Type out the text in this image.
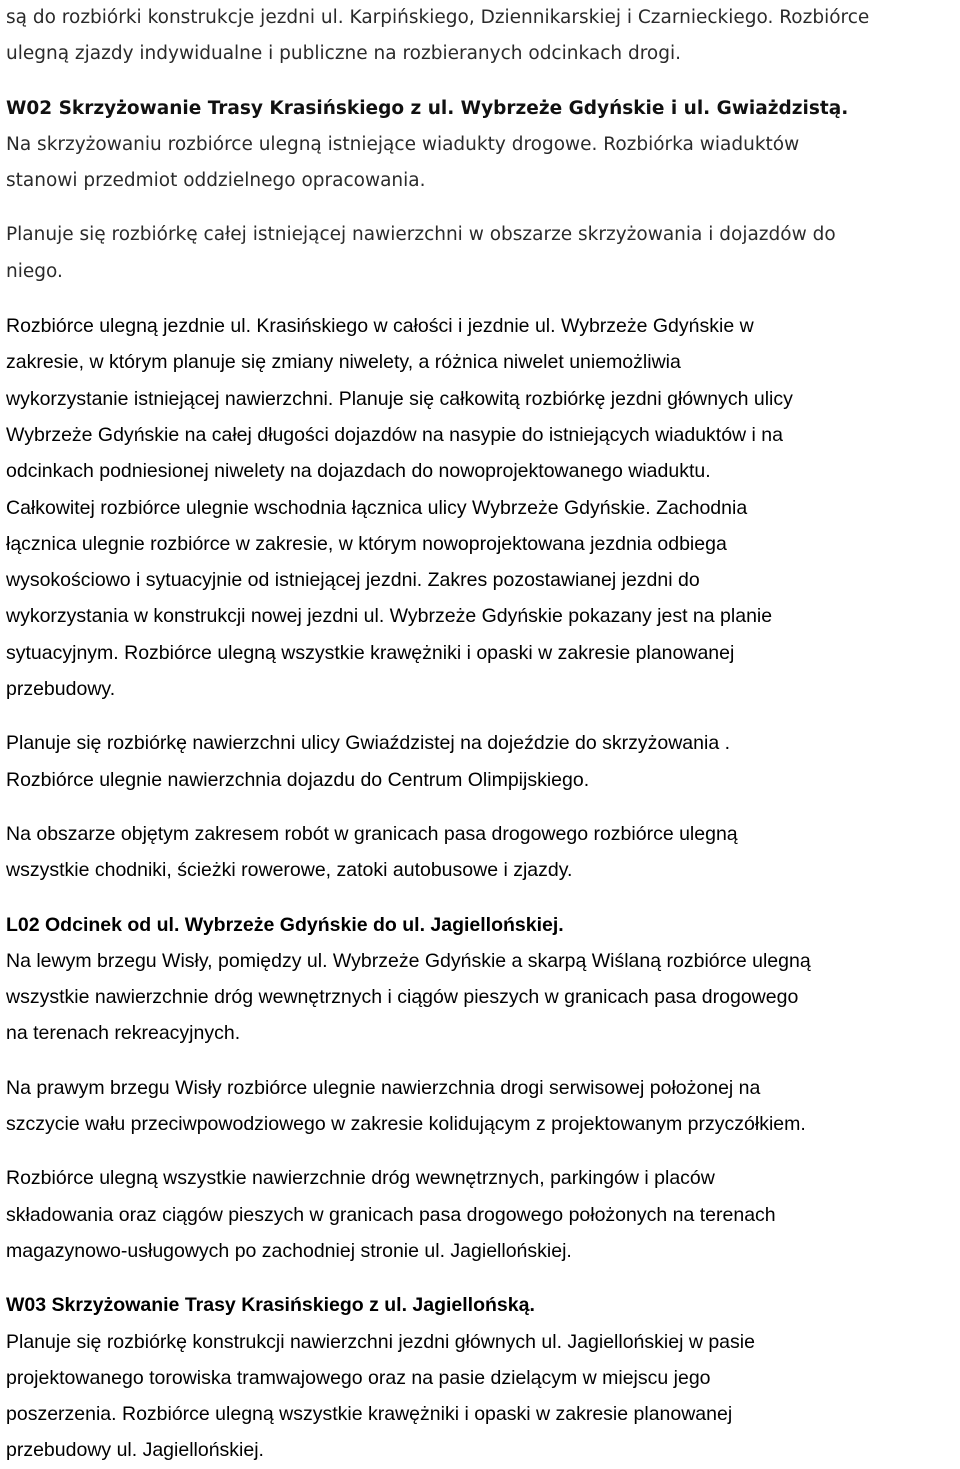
są do rozbiórki konstrukcje jezdni ul. Karpińskiego, Dziennikarskiej i Czarnieckiego. Rozbiórce
ulegną zjazdy indywidualne i publiczne na rozbieranych odcinkach drogi.
W02 Skrzyżowanie Trasy Krasińskiego z ul. Wybrzeże Gdyńskie i ul. Gwiażdzistą.
Na skrzyżowaniu rozbiórce ulegną istniejące wiadukty drogowe. Rozbiórka wiaduktów
stanowi przedmiot oddzielnego opracowania.
Planuje się rozbiórkę całej istniejącej nawierzchni w obszarze skrzyżowania i dojazdów do
niego.
Rozbiórce ulegną jezdnie ul. Krasińskiego w całości i jezdnie ul. Wybrzeże Gdyńskie w
zakresie, w którym planuje się zmiany niwelety, a różnica niwelet uniemożliwia
wykorzystanie istniejącej nawierzchni. Planuje się całkowitą rozbiórkę jezdni głównych ulicy
Wybrzeże Gdyńskie na całej długości dojazdów na nasypie do istniejących wiaduktów i na
odcinkach podniesionej niwelety na dojazdach do nowoprojektowanego wiaduktu.
Całkowitej rozbiórce ulegnie wschodnia łącznica ulicy Wybrzeże Gdyńskie. Zachodnia
łącznica ulegnie rozbiórce w zakresie, w którym nowoprojektowana jezdnia odbiega
wysokościowo i sytuacyjnie od istniejącej jezdni. Zakres pozostawianej jezdni do
wykorzystania w konstrukcji nowej jezdni ul. Wybrzeże Gdyńskie pokazany jest na planie
sytuacyjnym. Rozbiórce ulegną wszystkie krawężniki i opaski w zakresie planowanej
przebudowy.
Planuje się rozbiórkę nawierzchni ulicy Gwiaździstej na dojeździe do skrzyżowania .
Rozbiórce ulegnie nawierzchnia dojazdu do Centrum Olimpijskiego.
Na obszarze objętym zakresem robót w granicach pasa drogowego rozbiórce ulegną
wszystkie chodniki, ścieżki rowerowe, zatoki autobusowe i zjazdy.
L02 Odcinek od ul. Wybrzeże Gdyńskie do ul. Jagiellońskiej.
Na lewym brzegu Wisły, pomiędzy ul. Wybrzeże Gdyńskie a skarpą Wiślaną rozbiórce ulegną
wszystkie nawierzchnie dróg wewnętrznych i ciągów pieszych w granicach pasa drogowego
na terenach rekreacyjnych.
Na prawym brzegu Wisły rozbiórce ulegnie nawierzchnia drogi serwisowej położonej na
szczycie wału przeciwpowodziowego w zakresie kolidującym z projektowanym przyczółkiem.
Rozbiórce ulegną wszystkie nawierzchnie dróg wewnętrznych, parkingów i placów
składowania oraz ciągów pieszych w granicach pasa drogowego położonych na terenach
magazynowo-usługowych po zachodniej stronie ul. Jagiellońskiej.
W03 Skrzyżowanie Trasy Krasińskiego z ul. Jagiellońską.
Planuje się rozbiórkę konstrukcji nawierzchni jezdni głównych ul. Jagiellońskiej w pasie
projektowanego torowiska tramwajowego oraz na pasie dzielącym w miejscu jego
poszerzenia. Rozbiórce ulegną wszystkie krawężniki i opaski w zakresie planowanej
przebudowy ul. Jagiellońskiej.
